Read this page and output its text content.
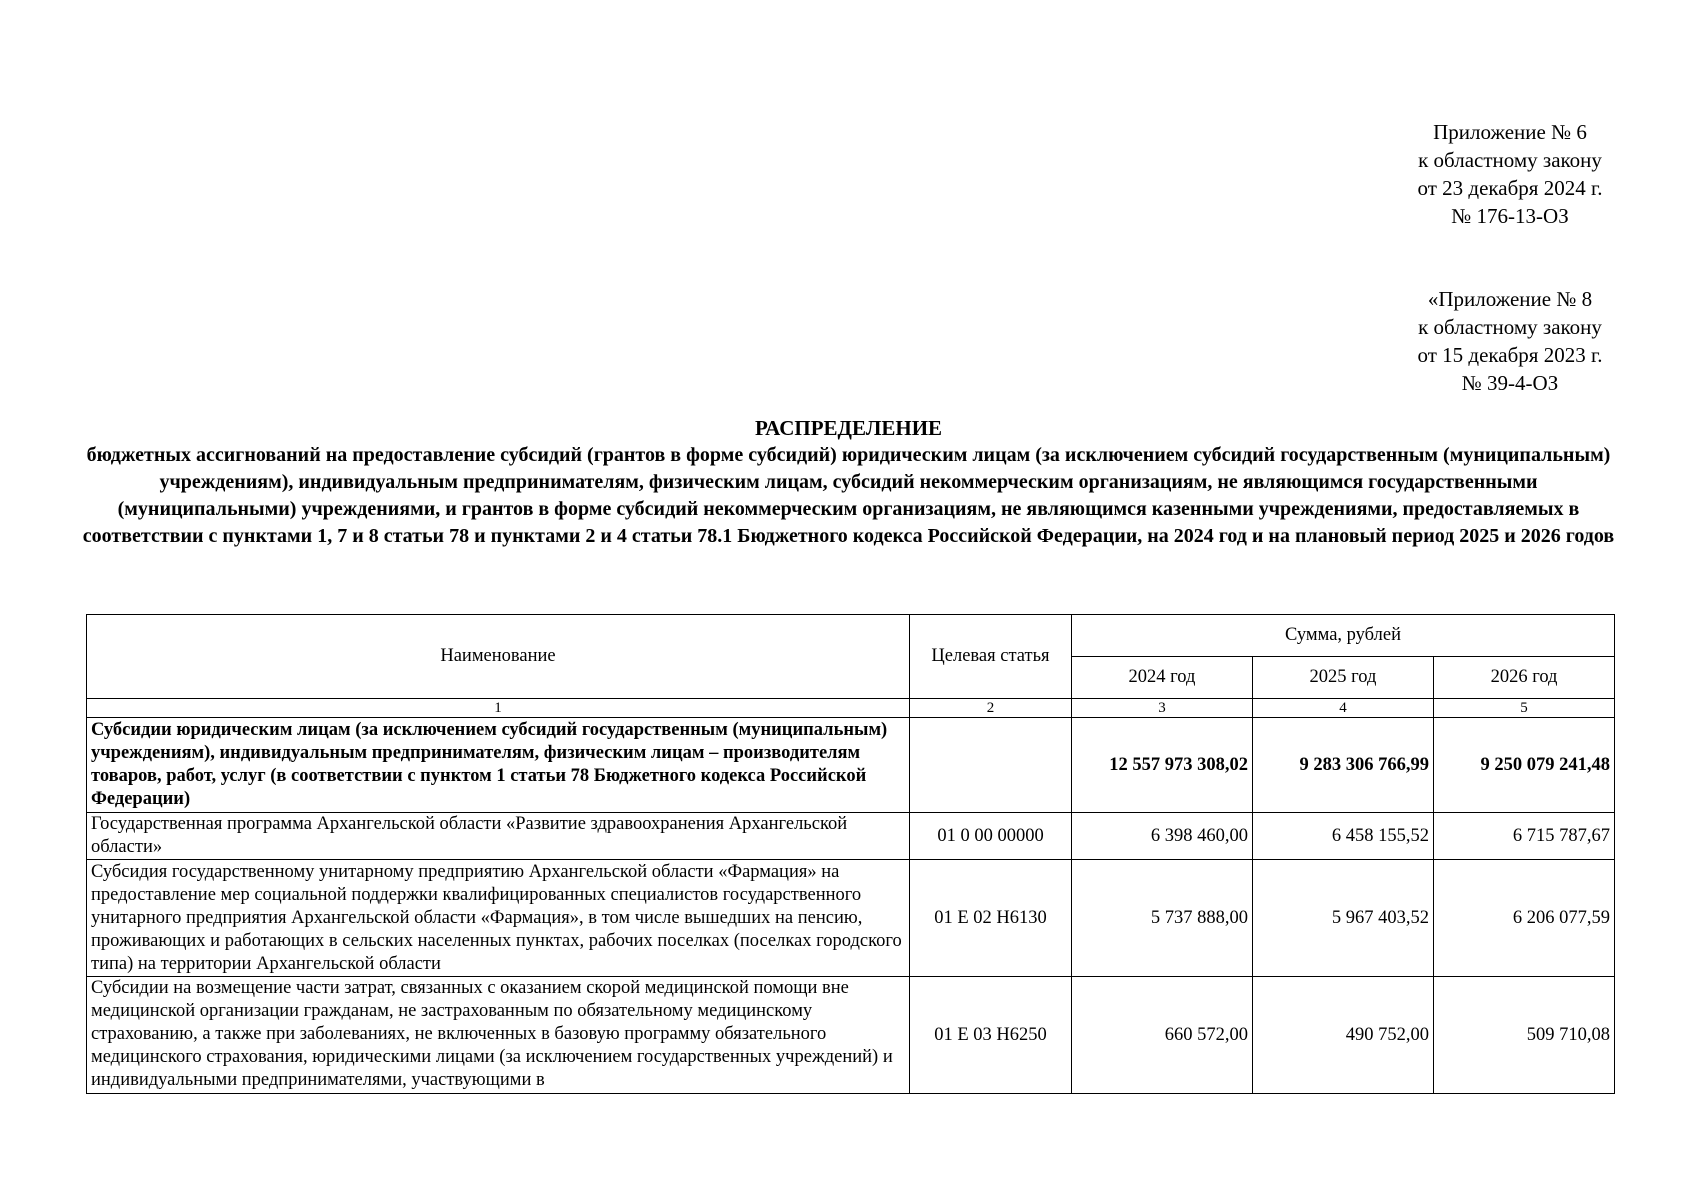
Приложение № 6
к областному закону
от 23 декабря 2024 г.
№ 176-13-ОЗ
«Приложение № 8
к областному закону
от 15 декабря 2023 г.
№ 39-4-ОЗ
РАСПРЕДЕЛЕНИЕ
бюджетных ассигнований на предоставление субсидий (грантов в форме субсидий) юридическим лицам (за исключением субсидий государственным (муниципальным) учреждениям), индивидуальным предпринимателям, физическим лицам, субсидий некоммерческим организациям, не являющимся государственными (муниципальными) учреждениями, и грантов в форме субсидий некоммерческим организациям, не являющимся казенными учреждениями, предоставляемых в соответствии с пунктами 1, 7 и 8 статьи 78 и пунктами 2 и 4 статьи 78.1 Бюджетного кодекса Российской Федерации, на 2024 год и на плановый период 2025 и 2026 годов
Наименование	Целевая статья	Сумма, рублей		
		2024 год	2025 год	2026 год
1	2	3	4	5
Субсидии юридическим лицам (за исключением субсидий государственным (муниципальным) учреждениям), индивидуальным предпринимателям, физическим лицам – производителям товаров, работ, услуг (в соответствии с пунктом 1 статьи 78 Бюджетного кодекса Российской Федерации)		12 557 973 308,02	9 283 306 766,99	9 250 079 241,48
Государственная программа Архангельской области «Развитие здравоохранения Архангельской области»	01 0 00 00000	6 398 460,00	6 458 155,52	6 715 787,67
Субсидия государственному унитарному предприятию Архангельской области «Фармация» на предоставление мер социальной поддержки квалифицированных специалистов государственного унитарного предприятия Архангельской области «Фармация», в том числе вышедших на пенсию, проживающих и работающих в сельских населенных пунктах, рабочих поселках (поселках городского типа) на территории Архангельской области	01 Е 02 Н6130	5 737 888,00	5 967 403,52	6 206 077,59

Субсидии на возмещение части затрат, связанных с оказанием скорой медицинской помощи вне медицинской организации гражданам, не застрахованным по обязательному медицинскому страхованию, а также при заболеваниях, не включенных в базовую программу обязательного медицинского страхования, юридическими лицами (за исключением государственных учреждений) и индивидуальными предпринимателями, участвующими в	01 Е 03 Н6250	660 572,00	490 752,00	509 710,08
